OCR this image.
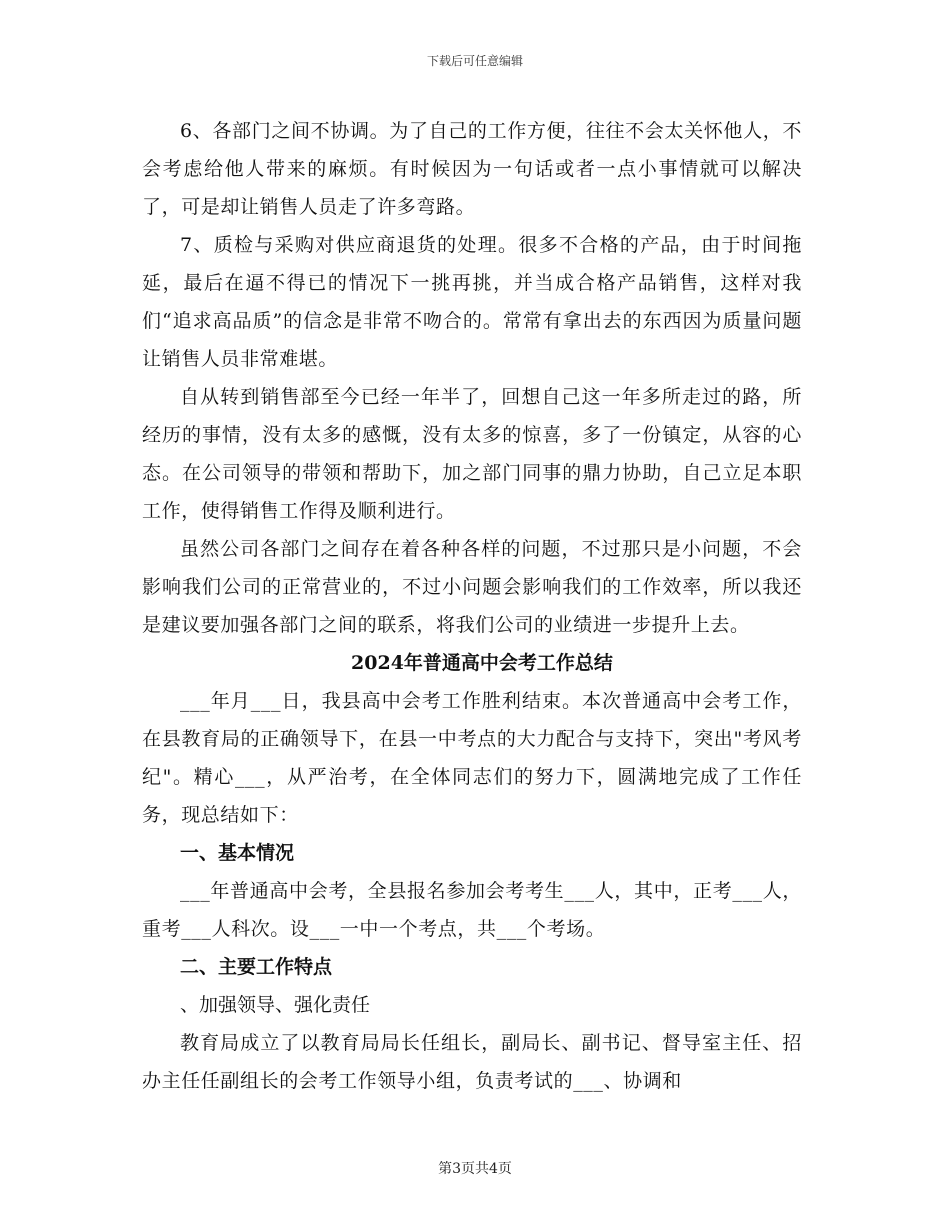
下载后可任意编辑

6、各部门之间不协调。为了自己的工作方便，往往不会太关怀他人，不会考虑给他人带来的麻烦。有时候因为一句话或者一点小事情就可以解决了，可是却让销售人员走了许多弯路。

7、质检与采购对供应商退货的处理。很多不合格的产品，由于时间拖延，最后在逼不得已的情况下一挑再挑，并当成合格产品销售，这样对我们“追求高品质”的信念是非常不吻合的。常常有拿出去的东西因为质量问题让销售人员非常难堪。

自从转到销售部至今已经一年半了，回想自己这一年多所走过的路，所经历的事情，没有太多的感慨，没有太多的惊喜，多了一份镇定，从容的心态。在公司领导的带领和帮助下，加之部门同事的鼎力协助，自己立足本职工作，使得销售工作得及顺利进行。

虽然公司各部门之间存在着各种各样的问题，不过那只是小问题，不会影响我们公司的正常营业的，不过小问题会影响我们的工作效率，所以我还是建议要加强各部门之间的联系，将我们公司的业绩进一步提升上去。

2024年普通高中会考工作总结

___年月___日，我县高中会考工作胜利结束。本次普通高中会考工作，在县教育局的正确领导下，在县一中考点的大力配合与支持下，突出"考风考纪"。精心___，从严治考，在全体同志们的努力下，圆满地完成了工作任务，现总结如下：

一、基本情况

___年普通高中会考，全县报名参加会考考生___人，其中，正考___人，重考___人科次。设___一中一个考点，共___个考场。

二、主要工作特点

、加强领导、强化责任

教育局成立了以教育局局长任组长，副局长、副书记、督导室主任、招办主任任副组长的会考工作领导小组，负责考试的___、协调和

第3页共4页
